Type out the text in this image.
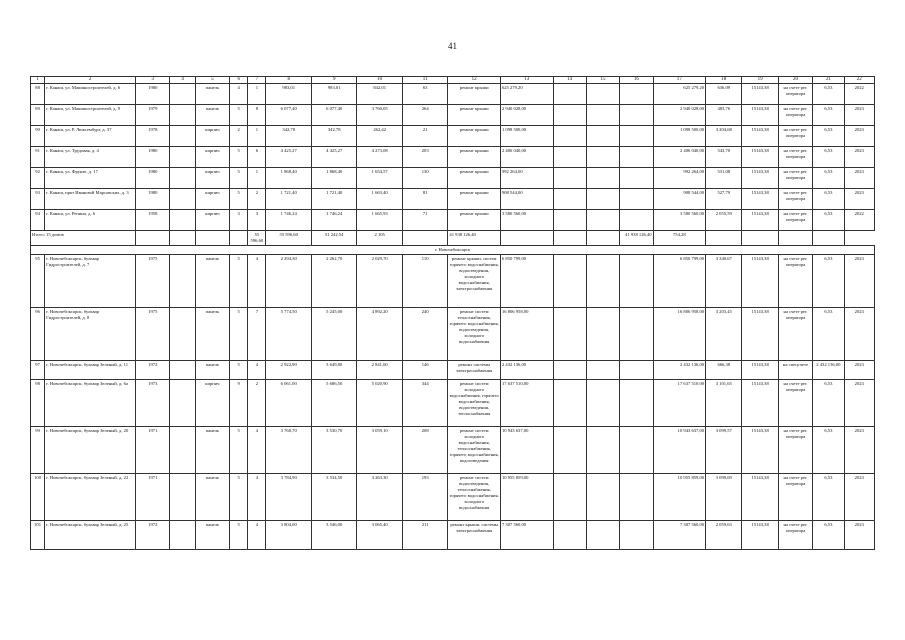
41
1	2	3	4	5	6	7	8	9	10	11	12	13	14	15	16	17	18	19	20	21	22
88	г. Канаш, ул. Машиностроителей, д. 6	1980		панель	4	1	983,01	983,01	842,01	63	ремонт крыши	625 279,20				625 279,20	636,09	15143,38	на счете рег. оператора	6,53	2022
89	г. Канаш, ул. Машиностроителей, д. 9	1979		панель	5	8	6 077,40	6 077,40	3 760,05	264	ремонт крыши	2 940 028,00				2 940 028,00	483,76	15143,38	на счете рег. оператора	6,53	2023
90	г. Канаш, ул. Р. Люксембург, д. 37	1978		кирпич	2	1	342,78	342,78	262,42	21	ремонт крыши	1 098 500,00				1 098 500,00	3 204,68	15143,38	на счете рег. оператора	6,53	2023
91	г. Канаш, ул. Трудовая, д. 4	1980		кирпич	5	6	4 425,27	4 425,27	4 273,08	203	ремонт крыши	2 406 040,00				2 406 040,00	543,70	15143,38	на счете рег. оператора	6,53	2023
92	г. Канаш, ул. Фрунзе, д. 17	1980		кирпич	5	1	1 868,40	1 868,40	1 654,57	130	ремонт крыши	992 264,00				992 264,00	531,08	15143,38	на счете рег. оператора	6,53	2023
93	г. Канаш, пркт Ивановой Марсовских, д. 3	1980		кирпич	5	2	1 721,40	1 721,40	1 663,40	81	ремонт крыши	908 544,00				908 544,00	527,79	15143,38	на счете рег. оператора	6,53	2023
94	г. Канаш, ул. Репина, д. 6	1958		кирпич	3	3	1 746,24	1 746,24	1 665,93	71	ремонт крыши	3 580 560,00				3 580 560,00	2 055,59	15143,38	на счете рег. оператора	6,53	2022
Итого: 15 домов						55 596,60	55 596,60	51 242,54	2 105		41 938 126,40				41 938 126,40	754,28					
г. Новочебоксарск																					
95	г. Новочебоксарск, бульвар Гидростроителей, д. 7	1975		панель	5	4	2 294,30	2 262,70	2 029,70	110	ремонт крыши, систем горячего водоснабжения, водоотведения, холодного водоснабжения, электроснабжения	6 850 799,00				6 850 799,00	3 340,67	15143,38	на счете рег. оператора	6,53	2023
96	г. Новочебоксарск, бульвар Гидростроителей, д. 8	1975		панель	5	7	5 774,50	5 245,00	4 892,20	240	ремонт систем теплоснабжения, горячего водоснабжения, водоотведения, холодного водоснабжения	16 806 958,00				16 806 958,00	3 203,45	15143,38	на счете рег. оператора	6,53	2023
97	г. Новочебоксарск, бульвар Зеленый, д. 11	1972		панель	5	4	2 922,90	3 649,80	2 841,60	146	ремонт системы электроснабжения	2 432 136,00				2 432 136,00	666,38	15143,38	на спецсчете	2 432 136,00	2023
98	г. Новочебоксарск, бульвар Зеленый, д. 6а	1973		кирпич	9	2	6 061,00	5 686,50	5 020,90	344	ремонт систем холодного водоснабжения, горячего водоснабжения, водоотведения, теплоснабжения	17 637 510,00				17 637 510,00	3 101,65	15143,38	на счете рег. оператора	6,53	2023
99	г. Новочебоксарск, бульвар Зеленый, д. 20	1971		панель	5	4	3 760,70	3 530,70	3 059,10	208	ремонт систем холодного водоснабжения, теплоснабжения, горячего водоснабжения, водоотведения	10 943 637,00				10 943 637,00	3 099,57	15143,38	на счете рег. оператора	6,53	2023
100	г. Новочебоксарск, бульвар Зеленый, д. 22	1971		панель	5	4	3 784,90	3 534,50	3 263,30	193	ремонт систем водоотведения, теплоснабжения, горячего водоснабжения, холодного водоснабжения	10 955 859,00				10 955 859,00	3 099,69	15143,38	на счете рег. оператора	6,53	2023
101	г. Новочебоксарск, бульвар Зеленый, д. 25	1972		панель	5	4	3 804,00	3 546,00	3 065,40	211	ремонт крыши, системы электроснабжения	7 307 560,00				7 307 560,00	2 059,63	15143,38	на счете рег. оператора	6,53	2023
